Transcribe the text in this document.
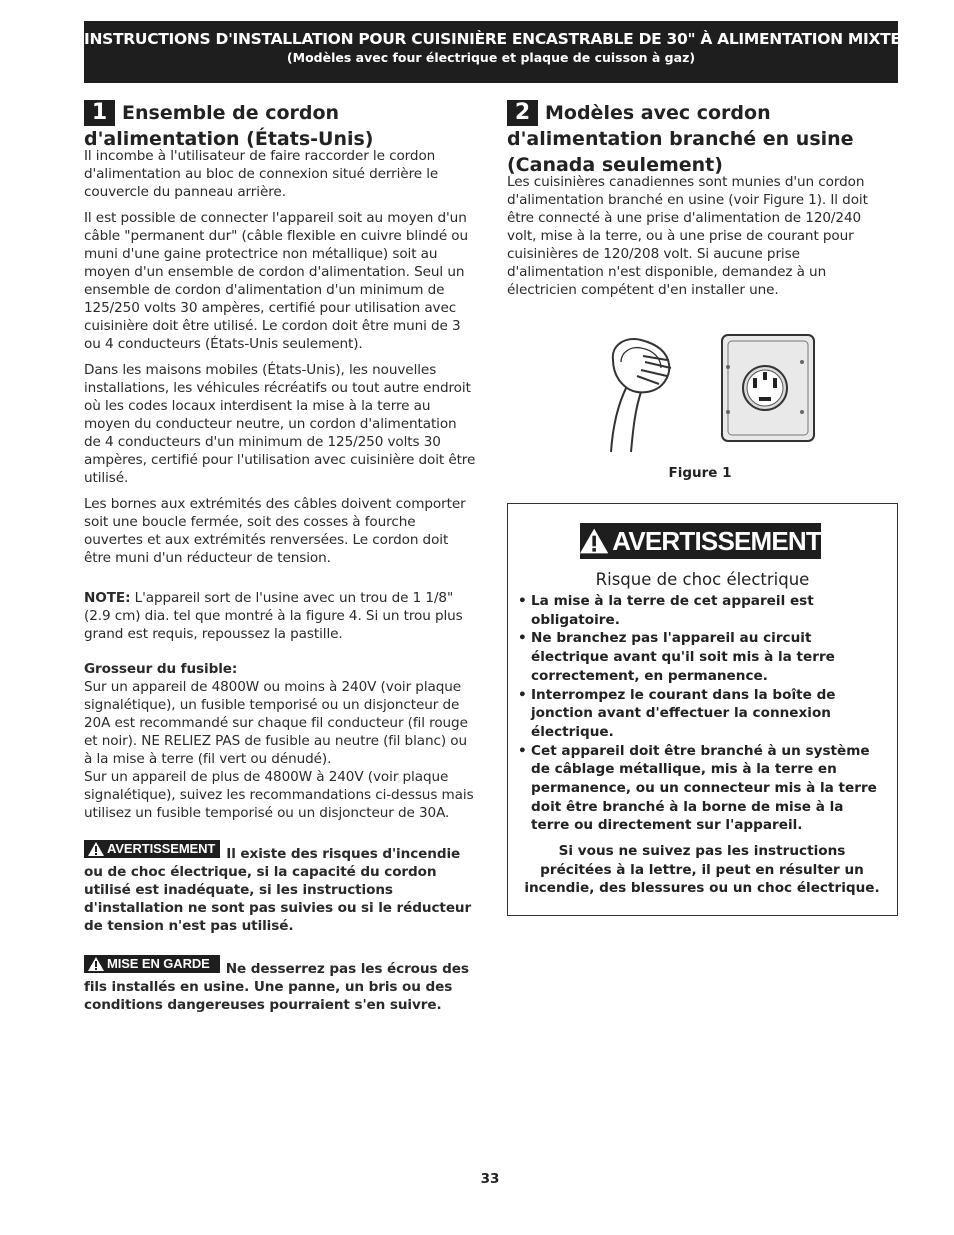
INSTRUCTIONS D'INSTALLATION POUR CUISINIÈRE ENCASTRABLE DE 30" À ALIMENTATION MIXTE
(Modèles avec four électrique et plaque de cuisson à gaz)
1 Ensemble de cordon
d'alimentation (États-Unis)

Il incombe à l'utilisateur de faire raccorder le cordon d'alimentation au bloc de connexion situé derrière le couvercle du panneau arrière.

Il est possible de connecter l'appareil soit au moyen d'un câble "permanent dur" (câble flexible en cuivre blindé ou muni d'une gaine protectrice non métallique) soit au moyen d'un ensemble de cordon d'alimentation. Seul un ensemble de cordon d'alimentation d'un minimum de 125/250 volts 30 ampères, certifié pour utilisation avec cuisinière doit être utilisé. Le cordon doit être muni de 3 ou 4 conducteurs (États-Unis seulement).

Dans les maisons mobiles (États-Unis), les nouvelles installations, les véhicules récréatifs ou tout autre endroit où les codes locaux interdisent la mise à la terre au moyen du conducteur neutre, un cordon d'alimentation de 4 conducteurs d'un minimum de 125/250 volts 30 ampères, certifié pour l'utilisation avec cuisinière doit être utilisé.

Les bornes aux extrémités des câbles doivent comporter soit une boucle fermée, soit des cosses à fourche ouvertes et aux extrémités renversées. Le cordon doit être muni d'un réducteur de tension.

NOTE: L'appareil sort de l'usine avec un trou de 1 1/8" (2.9 cm) dia. tel que montré à la figure 4. Si un trou plus grand est requis, repoussez la pastille.

Grosseur du fusible:

Sur un appareil de 4800W ou moins à 240V (voir plaque signalétique), un fusible temporisé ou un disjoncteur de 20A est recommandé sur chaque fil conducteur (fil rouge et noir). NE RELIEZ PAS de fusible au neutre (fil blanc) ou à la mise à terre (fil vert ou dénudé).

Sur un appareil de plus de 4800W à 240V (voir plaque signalétique), suivez les recommandations ci-dessus mais utilisez un fusible temporisé ou un disjoncteur de 30A.

AVERTISSEMENT Il existe des risques d'incendie ou de choc électrique, si la capacité du cordon utilisé est inadéquate, si les instructions d'installation ne sont pas suivies ou si le réducteur de tension n'est pas utilisé.

MISE EN GARDE Ne desserrez pas les écrous des fils installés en usine. Une panne, un bris ou des conditions dangereuses pourraient s'en suivre.

2 Modèles avec cordon
d'alimentation branché en usine
(Canada seulement)

Les cuisinières canadiennes sont munies d'un cordon d'alimentation branché en usine (voir Figure 1). Il doit être connecté à une prise d'alimentation de 120/240 volt, mise à la terre, ou à une prise de courant pour cuisinières de 120/208 volt. Si aucune prise d'alimentation n'est disponible, demandez à un électricien compétent d'en installer une.

Figure 1
AVERTISSEMENT
Risque de choc électrique
• La mise à la terre de cet appareil est obligatoire.
• Ne branchez pas l'appareil au circuit électrique avant qu'il soit mis à la terre correctement, en permanence.
• Interrompez le courant dans la boîte de jonction avant d'effectuer la connexion électrique.
• Cet appareil doit être branché à un système de câblage métallique, mis à la terre en permanence, ou un connecteur mis à la terre doit être branché à la borne de mise à la terre ou directement sur l'appareil.
Si vous ne suivez pas les instructions précitées à la lettre, il peut en résulter un incendie, des blessures ou un choc électrique.
33
